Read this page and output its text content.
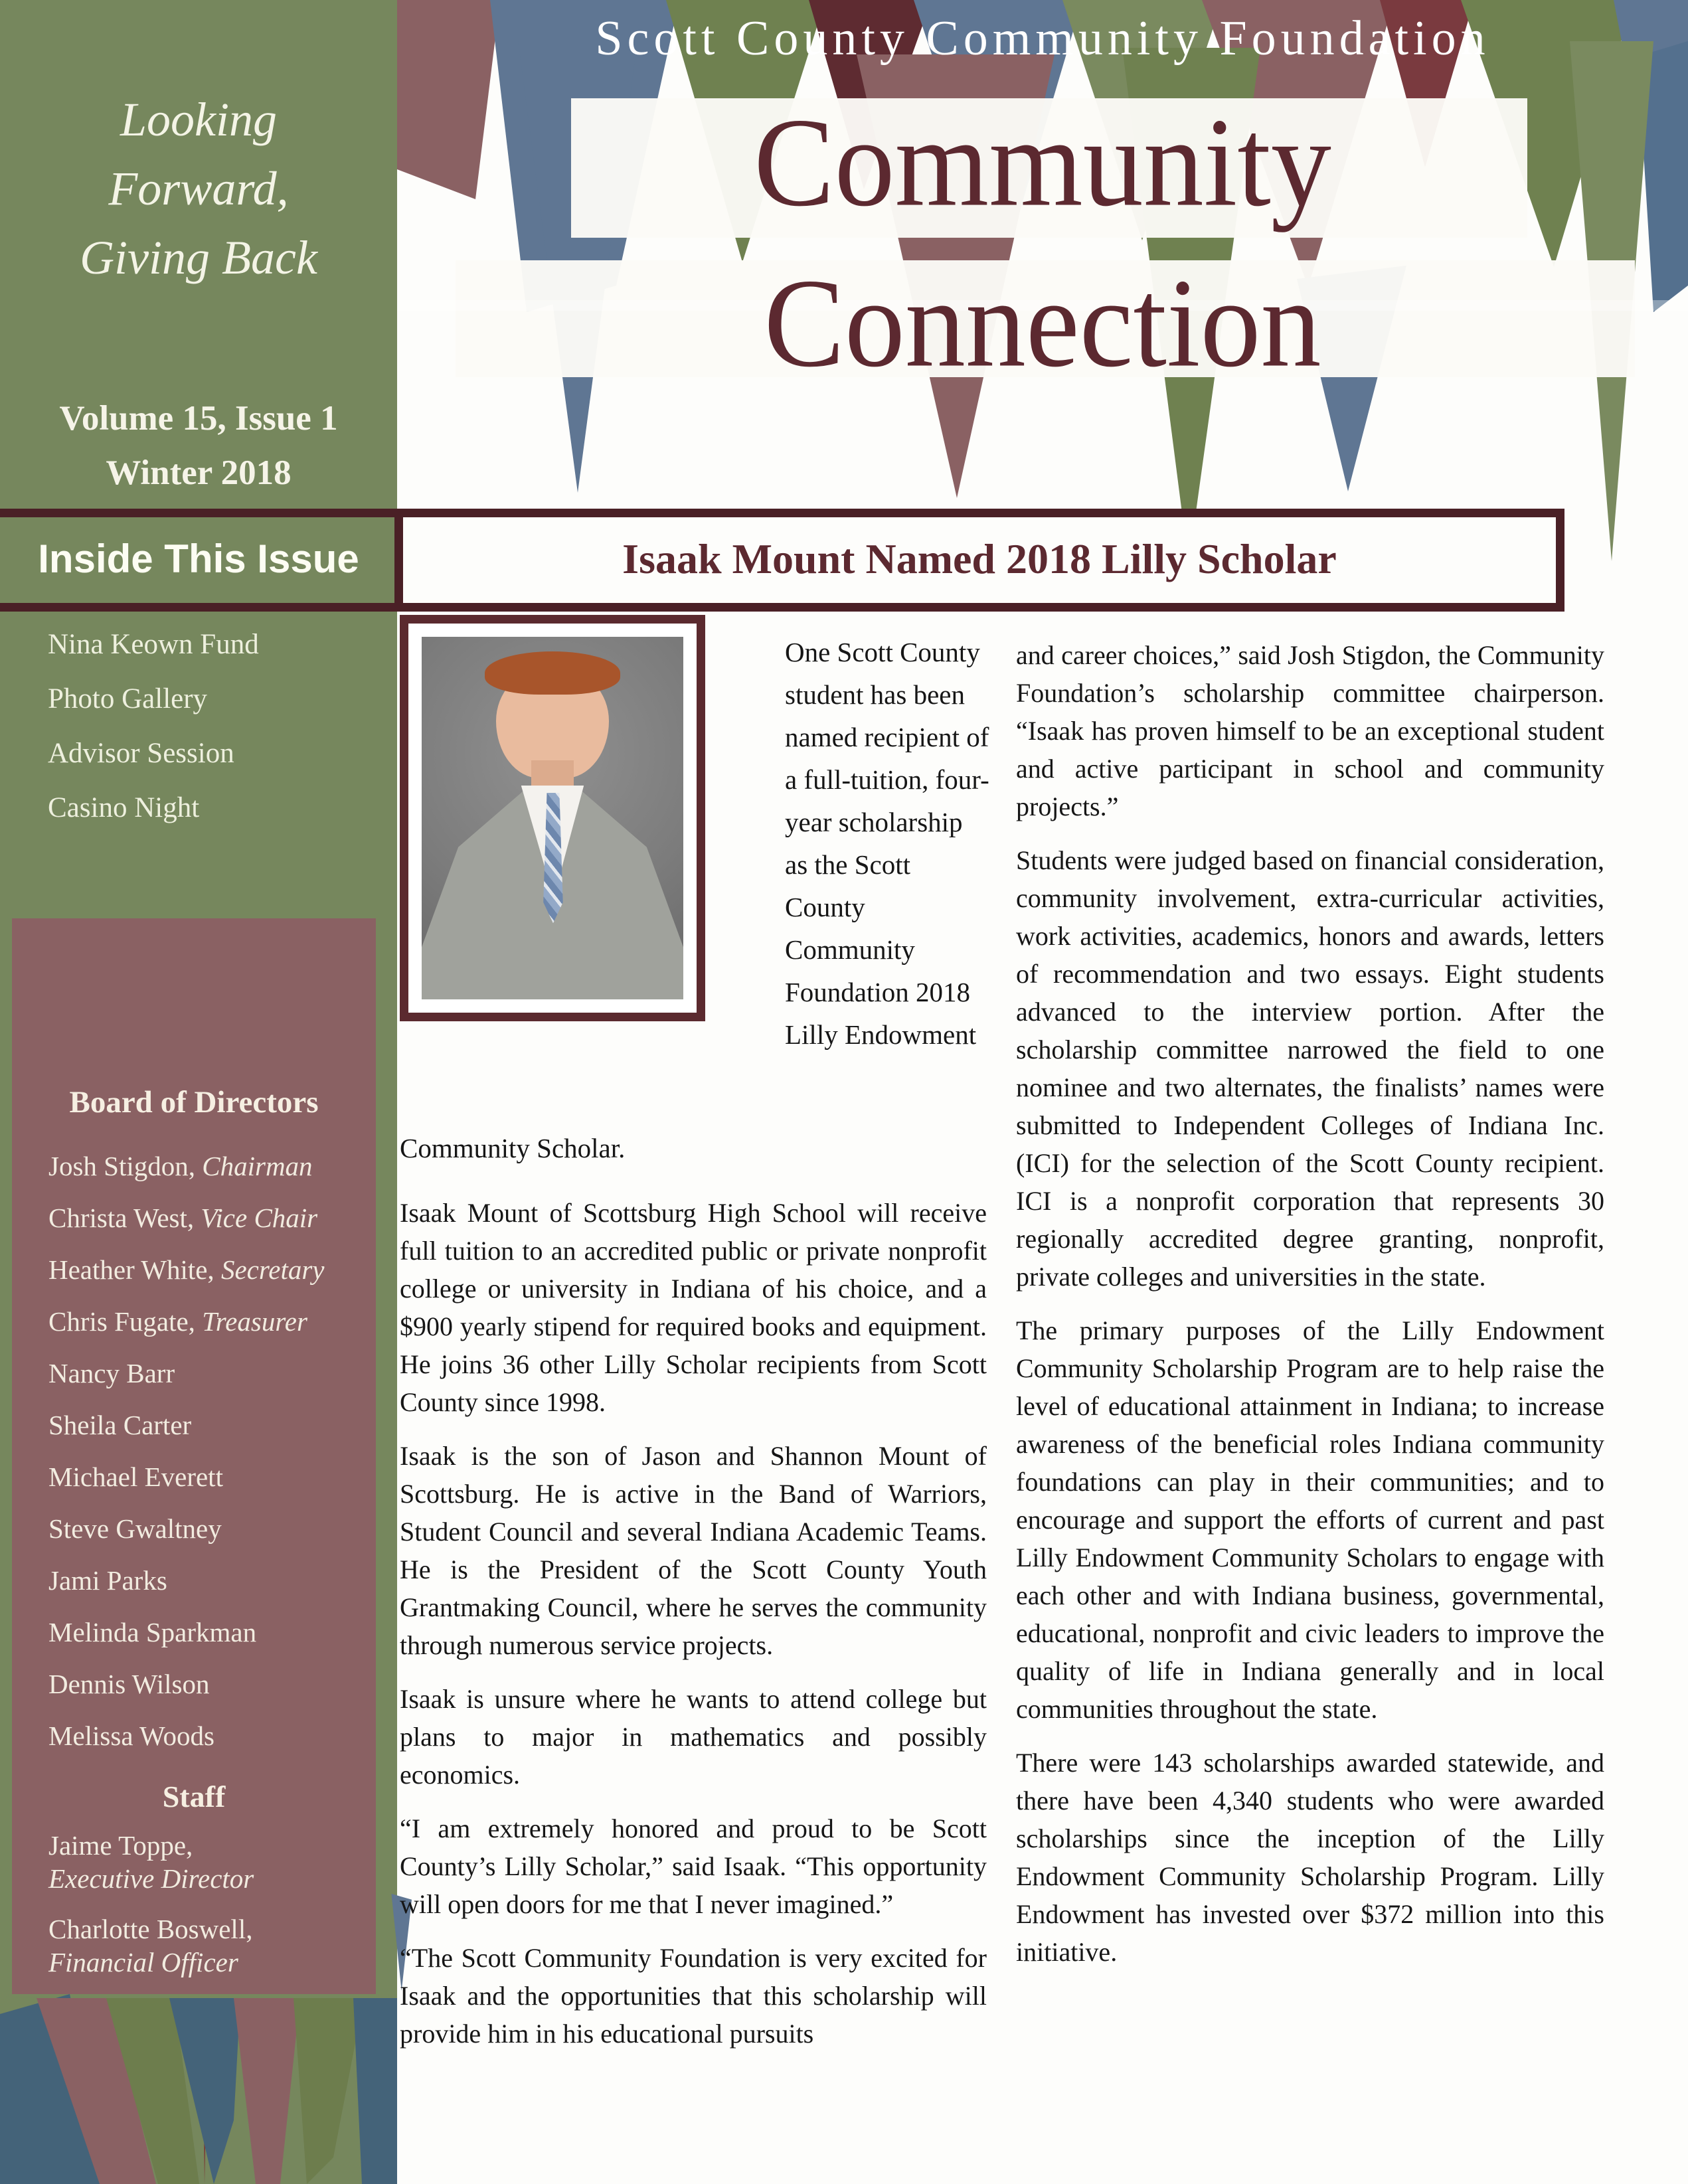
Looking
Forward,
Giving Back
Volume 15, Issue 1
Winter 2018
Scott County Community Foundation
Community
Connection
Inside This Issue	Isaak Mount Named 2018 Lilly Scholar
Nina Keown Fund
Photo Gallery
Advisor Session
Casino Night
Board of Directors
Josh Stigdon, Chairman
Christa West, Vice Chair
Heather White, Secretary
Chris Fugate, Treasurer
Nancy Barr
Sheila Carter
Michael Everett
Steve Gwaltney
Jami Parks
Melinda Sparkman
Dennis Wilson
Melissa Woods
Staff
Jaime Toppe,
Executive Director
Charlotte Boswell,
Financial Officer
One Scott County student has been named recipient of a full-tuition, four-year scholarship as the Scott County Community Foundation 2018 Lilly Endowment
Community Scholar.

Isaak Mount of Scottsburg High School will receive full tuition to an accredited public or private nonprofit college or university in Indiana of his choice, and a $900 yearly stipend for required books and equipment. He joins 36 other Lilly Scholar recipients from Scott County since 1998.

Isaak is the son of Jason and Shannon Mount of Scottsburg. He is active in the Band of Warriors, Student Council and several Indiana Academic Teams. He is the President of the Scott County Youth Grantmaking Council, where he serves the community through numerous service projects.

Isaak is unsure where he wants to attend college but plans to major in mathematics and possibly economics.

“I am extremely honored and proud to be Scott County’s Lilly Scholar,” said Isaak. “This opportunity will open doors for me that I never imagined.”

“The Scott Community Foundation is very excited for Isaak and the opportunities that this scholarship will provide him in his educational pursuits

and career choices,” said Josh Stigdon, the Community Foundation’s scholarship committee chairperson. “Isaak has proven himself to be an exceptional student and active participant in school and community projects.”

Students were judged based on financial consideration, community involvement, extra-curricular activities, work activities, academics, honors and awards, letters of recommendation and two essays. Eight students advanced to the interview portion. After the scholarship committee narrowed the field to one nominee and two alternates, the finalists’ names were submitted to Independent Colleges of Indiana Inc. (ICI) for the selection of the Scott County recipient. ICI is a nonprofit corporation that represents 30 regionally accredited degree granting, nonprofit, private colleges and universities in the state.

The primary purposes of the Lilly Endowment Community Scholarship Program are to help raise the level of educational attainment in Indiana; to increase awareness of the beneficial roles Indiana community foundations can play in their communities; and to encourage and support the efforts of current and past Lilly Endowment Community Scholars to engage with each other and with Indiana business, governmental, educational, nonprofit and civic leaders to improve the quality of life in Indiana generally and in local communities throughout the state.

There were 143 scholarships awarded statewide, and there have been 4,340 students who were awarded scholarships since the inception of the Lilly Endowment Community Scholarship Program. Lilly Endowment has invested over $372 million into this initiative.
